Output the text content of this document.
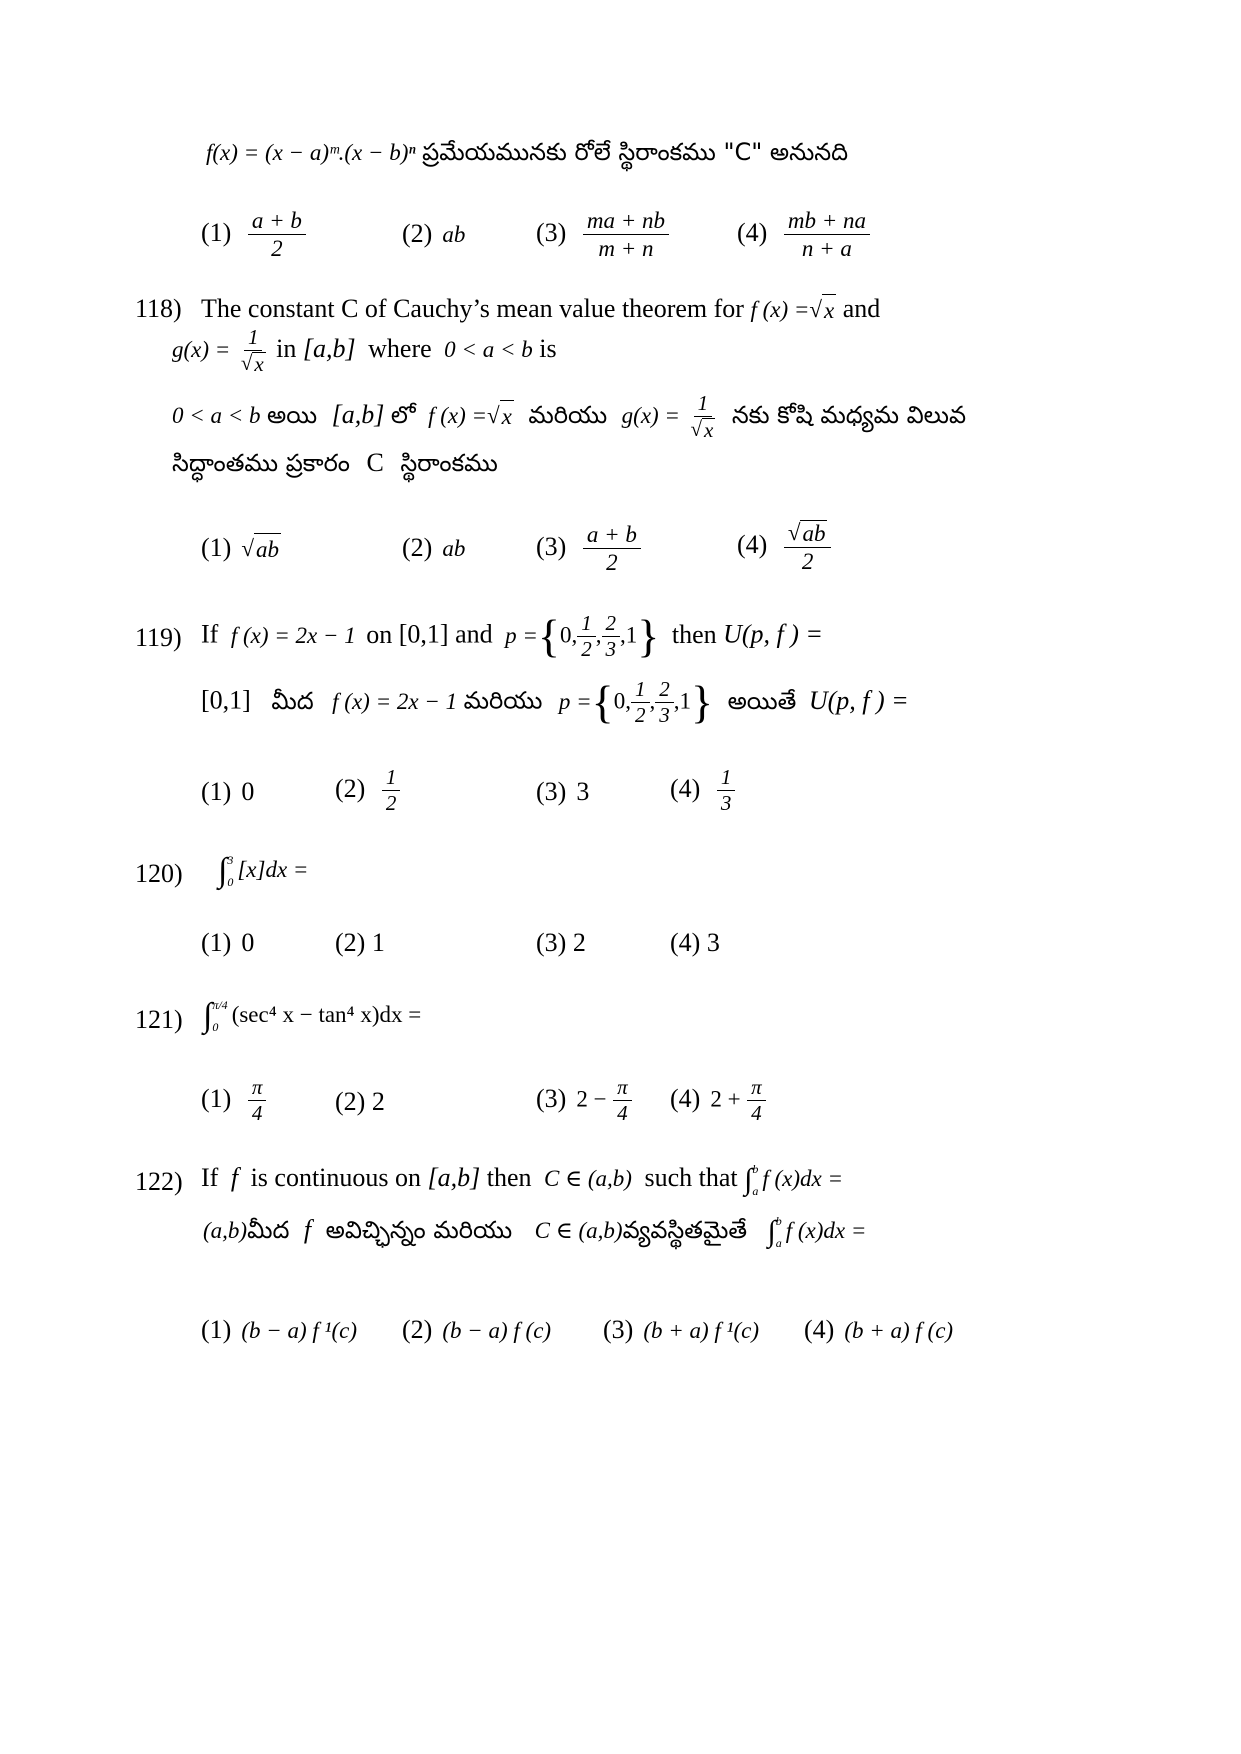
f(x) = (x − a)ᵐ.(x − b)ⁿ ప్రమేయమునకు రోలే స్థిరాంకము "C" అనునది
$(1) \frac{a + b}{2}$	(2) ab	$(3) \frac{ma + nb}{m + n}$	$(4) \frac{mb + na}{n + a}$
118) The constant C of Cauchy’s mean value theorem for f (x) = √ x and
$g(x) = \frac{1}{√ x}$ in [a,b] where 0 < a < b is
0 < a < b అయి [a,b] లో f (x) = √ x మరియు $g(x) = \frac{1}{√ x}$ నకు కోషి మధ్యమ విలువ
సిద్ధాంతము ప్రకారం C స్థిరాంకము
(1) √ ab	(2) ab	$(3) \frac{a + b}{2}$	$(4) \frac{√ ab}{2}$
119) If f (x) = 2x − 1 on [0,1] and p ={0, $\frac{1}{2}$ , $\frac{2}{3} ,1$} then U(p, f ) =
[0,1] మీద f (x) = 2x − 1 మరియు p ={0, $\frac{1}{2}$ , $\frac{2}{3} ,1$} అయితే U(p, f ) =
(1) 0	$(2) \frac{1}{2}$	(3) 3	$(4) \frac{1}{3}$
120) ∫ 3
0
[x]dx =
(1) 0	(2) 1	(3) 2	(4) 3
121) ∫ π/4
0
(sec⁴ x − tan⁴ x)dx =
$(1) \frac{\pi}{4}$	(2) 2	(3) $2 - \frac{\pi}{4} (4) 2 + \frac{\pi}{4}$
122) If f is continuous on [a,b] then C ∈ (a,b) such that ∫ b
a
f (x)dx =
(a,b)మీద f అవిచ్ఛిన్నం మరియు C ∈ (a,b)వ్యవస్థితమైతే ∫ b
a
f (x)dx =
(1) (b − a) f ¹(c) (2) (b − a) f (c) (3) (b + a) f ¹(c) (4) (b + a) f (c)
